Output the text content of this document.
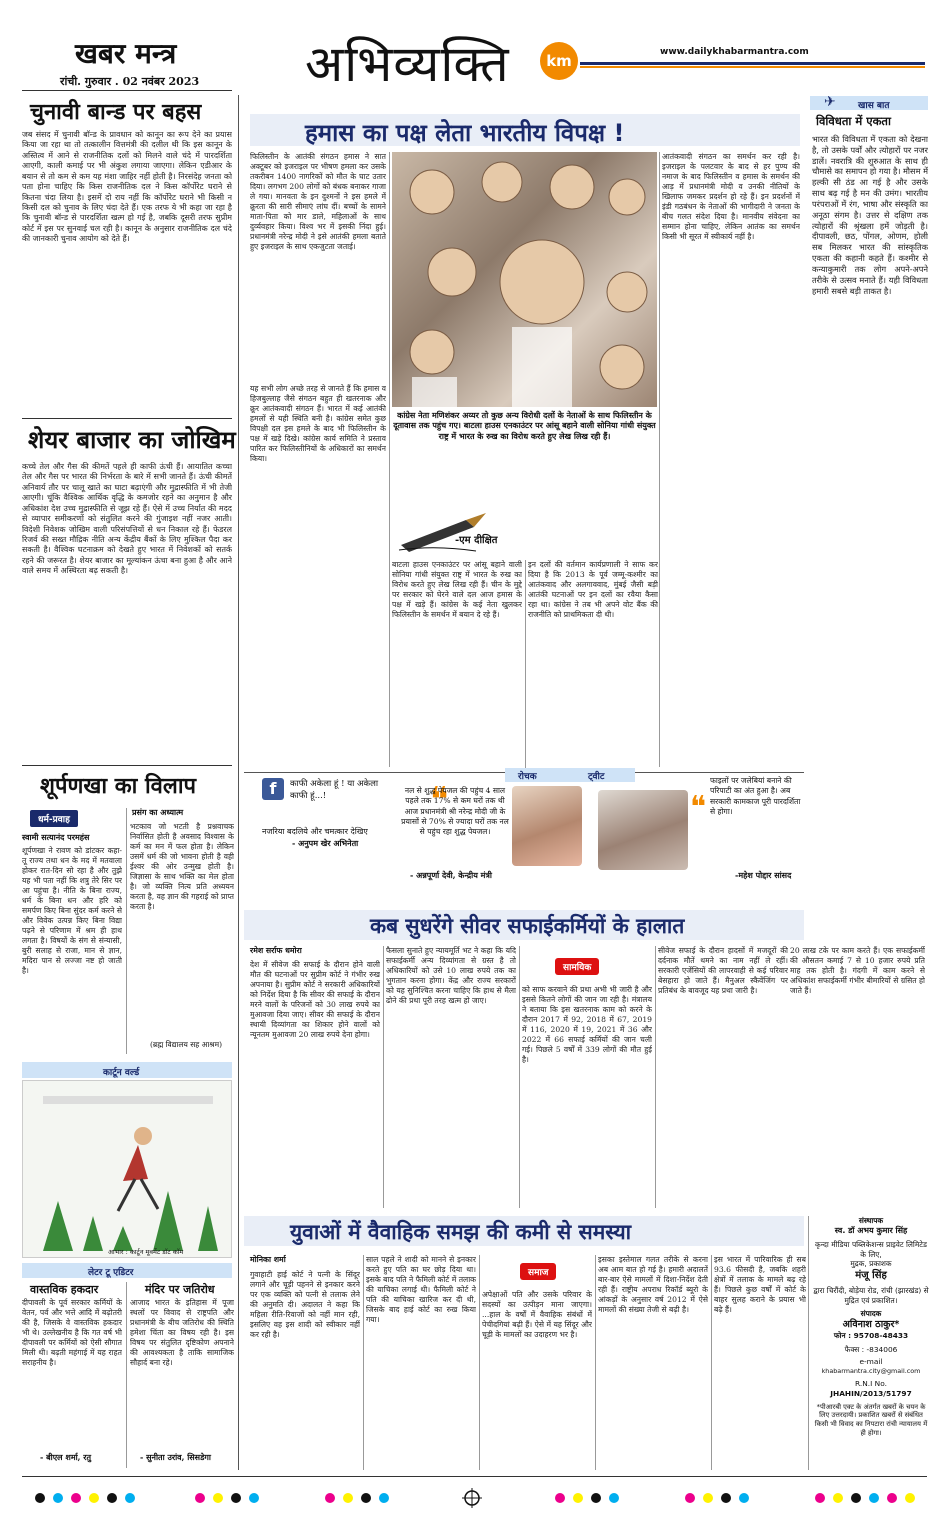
खबर मन्त्र
रांची. गुरुवार . 02 नवंबर 2023 अभिव्यक्ति km	www.dailykhabarmantra.com
चुनावी बान्ड पर बहस
जब संसद में चुनावी बॉन्ड के प्रावधान को कानून का रूप देने का प्रयास किया जा रहा था तो तत्कालीन वित्तमंत्री की दलील थी कि इस कानून के अस्तित्व में आने से राजनीतिक दलों को मिलने वाले चंदे में पारदर्शिता आएगी, काली कमाई पर भी अंकुश लगाया जाएगा। लेकिन एडीआर के बयान से तो कम से कम यह मंशा जाहिर नहीं होती है। निरसंदेह जनता को पता होना चाहिए कि किस राजनीतिक दल ने किस कॉर्पोरेट घराने से कितना चंदा लिया है। इसमें दो राय नहीं कि कॉर्पोरेट घराने भी किसी न किसी दल को चुनाव के लिए चंदा देते हैं। एक तरफ ये भी कहा जा रहा है कि चुनावी बॉन्ड से पारदर्शिता खत्म हो गई है, जबकि दूसरी तरफ सुप्रीम कोर्ट में इस पर सुनवाई चल रही है। कानून के अनुसार राजनीतिक दल चंदे की जानकारी चुनाव आयोग को देते हैं।
शेयर बाजार का जोखिम
कच्चे तेल और गैस की कीमतें पहले ही काफी ऊंची हैं। आयातित कच्चा तेल और गैस पर भारत की निर्भरता के बारे में सभी जानते हैं। ऊंची कीमतें अनिवार्य तौर पर चालू खाते का घाटा बढ़ाएंगी और मुद्रास्फीति में भी तेजी आएगी। चूंकि वैश्विक आर्थिक वृद्धि के कमजोर रहने का अनुमान है और अधिकांश देश उच्च मुद्रास्फीति से जूझ रहे हैं। ऐसे में उच्च निर्यात की मदद से व्यापार समीकरणों को संतुलित करने की गुंजाइश नहीं नजर आती। विदेशी निवेशक जोखिम वाली परिसंपत्तियों से धन निकाल रहे हैं। फेडरल रिजर्व की सख्त मौद्रिक नीति अन्य केंद्रीय बैंकों के लिए मुश्किल पैदा कर सकती है। वैश्विक घटनाक्रम को देखते हुए भारत में निवेशकों को सतर्क रहने की जरूरत है। शेयर बाजार का मूल्यांकन ऊंचा बना हुआ है और आने वाले समय में अस्थिरता बढ़ सकती है।
शूर्पणखा का विलाप
धर्म-प्रवाह
स्वामी सत्यानंद परमहंस
शूर्पणखा ने रावण को डांटकर कहा- तू राज्य तथा धन के मद में मतवाला होकर रात-दिन सो रहा है और तुझे यह भी पता नहीं कि शत्रु तेरे सिर पर आ पहुंचा है। नीति के बिना राज्य, धर्म के बिना धन और हरि को समर्पण किए बिना सुंदर कर्म करने से और विवेक उत्पन्न किए बिना विद्या पढ़ने से परिणाम में श्रम ही हाथ लगता है। विषयों के संग से संन्यासी, बुरी सलाह से राजा, मान से ज्ञान, मदिरा पान से लज्जा नष्ट हो जाती है।
प्रसंग का अध्यात्म
भटकाव जो भटती है प्रश्नवाचक निर्वासित होती है अवसाद विश्वास के कर्म का मन में फल होता है। लेकिन उसमें धर्म की जो भावना होती है वही ईश्वर की ओर उन्मुख होती है। जिज्ञासा के साथ भक्ति का मेल होता है। जो व्यक्ति नित्य प्रति अध्ययन करता है, वह ज्ञान की गहराई को प्राप्त करता है।
(ब्रह्म विद्यालय सह आश्रम)
कार्टून वर्ल्ड
आभार : कार्टून मूवमेंट डॉट कॉम
लेटर टू एडिटर
वास्तविक हकदार
दीपावली के पूर्व सरकार कर्मियों के वेतन, पर्व और भत्ते आदि में बढ़ोतरी की है, जिसके वे वास्तविक हकदार भी थे। उल्लेखनीय है कि गत वर्ष भी दीपावली पर कर्मियों को ऐसी सौगात मिली थी। बढ़ती महंगाई में यह राहत सराहनीय है।
- बीएल शर्मा, रतु
मंदिर पर जतिरोध
आजाद भारत के इतिहास में पूजा स्थलों पर विवाद से राष्ट्रपति और प्रधानमंत्री के बीच जतिरोध की स्थिति हमेशा चिंता का विषय रही है। इस विषय पर संतुलित दृष्टिकोण अपनाने की आवश्यकता है ताकि सामाजिक सौहार्द बना रहे।
- सुनीता उरांव, सिसडेगा
हमास का पक्ष लेता भारतीय विपक्ष !
फिलिस्तीन के आतंकी संगठन हमास ने सात अक्टूबर को इजराइल पर भीषण हमला कर उसके तकरीबन 1400 नागरिकों को मौत के घाट उतार दिया। लगभग 200 लोगों को बंधक बनाकर गाजा ले गया। मानवता के इन दुश्मनों ने इस हमले में क्रूरता की सारी सीमाएं लांघ दीं। बच्चों के सामने माता-पिता को मार डाले, महिलाओं के साथ दुर्व्यवहार किया। विश्व भर में इसकी निंदा हुई। प्रधानमंत्री नरेन्द्र मोदी ने इसे आतंकी हमला बताते हुए इजराइल के साथ एकजुटता जताई।
यह सभी लोग अच्छे तरह से जानते हैं कि हमास व हिजबुल्लाह जैसे संगठन बहुत ही खतरनाक और क्रूर आतंकवादी संगठन हैं। भारत में कई आतंकी हमलों से यही स्थिति बनी है। कांग्रेस समेत कुछ विपक्षी दल इस हमले के बाद भी फिलिस्तीन के पक्ष में खड़े दिखे। कांग्रेस कार्य समिति ने प्रस्ताव पारित कर फिलिस्तीनियों के अधिकारों का समर्थन किया।
कांग्रेस नेता मणिशंकर अय्यर तो कुछ अन्य विरोधी दलों के नेताओं के साथ फिलिस्तीन के दूतावास तक पहुंच गए। बाटला हाउस एनकाउंटर पर आंसू बहाने वाली सोनिया गांधी संयुक्त राष्ट्र में भारत के रुख का विरोध करते हुए लेख लिख रही हैं।
-एम दीक्षित
आतंकवादी संगठन का समर्थन कर रही है। इजराइल के पलटवार के बाद से हर पुण्य की नमाज के बाद फिलिस्तीन व हमास के समर्थन की आड़ में प्रधानमंत्री मोदी व उनकी नीतियों के खिलाफ जमकर प्रदर्शन हो रहे हैं। इन प्रदर्शनों में इंडी गठबंधन के नेताओं की भागीदारी ने जनता के बीच गलत संदेश दिया है। मानवीय संवेदना का सम्मान होना चाहिए, लेकिन आतंक का समर्थन किसी भी सूरत में स्वीकार्य नहीं है।
बाटला हाउस एनकाउंटर पर आंसू बहाने वाली सोनिया गांधी संयुक्त राष्ट्र में भारत के रुख का विरोध करते हुए लेख लिख रही हैं। चीन के मुद्दे पर सरकार को घेरने वाले दल आज हमास के पक्ष में खड़े हैं। कांग्रेस के कई नेता खुलकर फिलिस्तीन के समर्थन में बयान दे रहे हैं।
इन दलों की वर्तमान कार्यप्रणाली ने साफ कर दिया है कि 2013 के पूर्व जम्मू-कश्मीर का आतंकवाद और अलगाववाद, मुंबई जैसी बड़ी आतंकी घटनाओं पर इन दलों का रवैया कैसा रहा था। कांग्रेस ने तब भी अपने वोट बैंक की राजनीति को प्राथमिकता दी थी।
f	काफी अकेला हूं ! या अकेला काफी हूं...!
नजरिया बदलिये और चमत्कार देखिए
- अनुपम खेर अभिनेता
रोचक	ट्वीट
❝
नल से शुद्ध पेयजल की पहुंच 4 साल पहले तक 17% से कम घरों तक थी आज प्रधानमंत्री श्री नरेन्द्र मोदी जी के प्रयासों से 70% से ज्यादा घरों तक नल से पहुंच रहा शुद्ध पेयजल।
- अन्नपूर्णा देवी, केन्द्रीय मंत्री
❝
फाइलों पर जलेबियां बनाने की परिपाटी का अंत हुआ है। अब सरकारी कामकाज पूरी पारदर्शिता से होगा।
-महेश पोद्दार सांसद
कब सुधरेंगे सीवर सफाईकर्मियों के हालात
रमेश सर्राफ धमोरा
देश में सीवेज की सफाई के दौरान होने वाली मौत की घटनाओं पर सुप्रीम कोर्ट ने गंभीर रुख अपनाया है। सुप्रीम कोर्ट ने सरकारी अधिकारियों को निर्देश दिया है कि सीवर की सफाई के दौरान मरने वालों के परिजनों को 30 लाख रुपये का मुआवजा दिया जाए। सीवर की सफाई के दौरान स्थायी दिव्यांगता का शिकार होने वालों को न्यूनतम मुआवजा 20 लाख रुपये देना होगा।
फैसला सुनाते हुए न्यायमूर्ति भट ने कहा कि यदि सफाईकर्मी अन्य दिव्यांगता से ग्रस्त है तो अधिकारियों को उसे 10 लाख रुपये तक का भुगतान करना होगा। केंद्र और राज्य सरकारों को यह सुनिश्चित करना चाहिए कि हाथ से मैला ढोने की प्रथा पूरी तरह खत्म हो जाए।
सामयिक
को साफ करवाने की प्रथा अभी भी जारी है और इससे कितने लोगों की जान जा रही है। मंत्रालय ने बताया कि इस खतरनाक काम को करने के दौरान 2017 में 92, 2018 में 67, 2019 में 116, 2020 में 19, 2021 में 36 और 2022 में 66 सफाई कर्मियों की जान चली गई। पिछले 5 वर्षों में 339 लोगों की मौत हुई है।
सीवेज सफाई के दौरान हादसों में मजदूरों की दर्दनाक मौतें थमने का नाम नहीं ले रहीं। सरकारी एजेंसियों की लापरवाही से कई परिवार बेसहारा हो जाते हैं। मैनुअल स्कैवेंजिंग पर प्रतिबंध के बावजूद यह प्रथा जारी है।
20 लाख टके पर काम करते हैं। एक सफाईकर्मी की औसतन कमाई 7 से 10 हजार रुपये प्रति माह तक होती है। गंदगी में काम करने से अधिकांश सफाईकर्मी गंभीर बीमारियों से ग्रसित हो जाते हैं।
✈	खास बात
विविधता में एकता
भारत की विविधता में एकता को देखना है, तो उसके पर्वों और त्योहारों पर नजर डालें। नवरात्रि की शुरुआत के साथ ही चौमासे का समापन हो गया है। मौसम में हल्की सी ठंड आ गई है और उसके साथ बढ़ गई है मन की उमंग। भारतीय परंपराओं में रंग, भाषा और संस्कृति का अनूठा संगम है। उत्तर से दक्षिण तक त्योहारों की श्रृंखला हमें जोड़ती है। दीपावली, छठ, पोंगल, ओणम, होली सब मिलकर भारत की सांस्कृतिक एकता की कहानी कहते हैं। कश्मीर से कन्याकुमारी तक लोग अपने-अपने तरीके से उत्सव मनाते हैं। यही विविधता हमारी सबसे बड़ी ताकत है।
युवाओं में वैवाहिक समझ की कमी से समस्या
मोनिका शर्मा
गुवाहाटी हाई कोर्ट ने पत्नी के सिंदूर लगाने और चूड़ी पहनने से इनकार करने पर एक व्यक्ति को पत्नी से तलाक लेने की अनुमति दी। अदालत ने कहा कि महिला रीति-रिवाजों को नहीं मान रही, इसलिए वह इस शादी को स्वीकार नहीं कर रही है।
साल पहले ने शादी को मानने से इनकार करते हुए पति का घर छोड़ दिया था। इसके बाद पति ने फैमिली कोर्ट में तलाक की याचिका लगाई थी। फैमिली कोर्ट ने पति की याचिका खारिज कर दी थी, जिसके बाद हाई कोर्ट का रुख किया गया।
समाज
अपेक्षाओं पति और उसके परिवार के सदस्यों का उत्पीड़न माना जाएगा। ...हाल के वर्षों में वैवाहिक संबंधों में पेचीदगियां बढ़ी हैं। ऐसे में यह सिंदूर और चूड़ी के मामलों का उदाहरण भर है।
इसका इस्तेमाल गलत तरीके से करना अब आम बात हो गई है। हमारी अदालतें बार-बार ऐसे मामलों में दिशा-निर्देश देती रही हैं। राष्ट्रीय अपराध रिकॉर्ड ब्यूरो के आंकड़ों के अनुसार वर्ष 2012 में ऐसे मामलों की संख्या तेजी से बढ़ी है।
इस भारत में पारिवारिक ही सब 93.6 फीसदी है, जबकि शहरी क्षेत्रों में तलाक के मामले बढ़ रहे हैं। पिछले कुछ वर्षों में कोर्ट के बाहर सुलह कराने के प्रयास भी बढ़े हैं।
संस्थापक
स्व. डॉ अभय कुमार सिंह
कृन्दा मीडिया पब्लिकेशन्स प्राइवेट लिमिटेड के लिए,
मुद्रक, प्रकाशक
मंजू सिंह
द्वारा चिरौंदी, बोड़ेया रोड, रांची (झारखंड) से मुद्रित एवं प्रकाशित।
संपादक
अविनाश ठाकुर*
फोन : 95708-48433
फैक्स : -834006
e-mail
khabarmantra.city@gmail.com
R.N.I No.
JHAHIN/2013/51797
*पीआरबी एक्ट के अंतर्गत खबरों के चयन के लिए उत्तरदायी। प्रकाशित खबरों से संबंधित किसी भी विवाद का निपटारा रांची न्यायालय में ही होगा।
